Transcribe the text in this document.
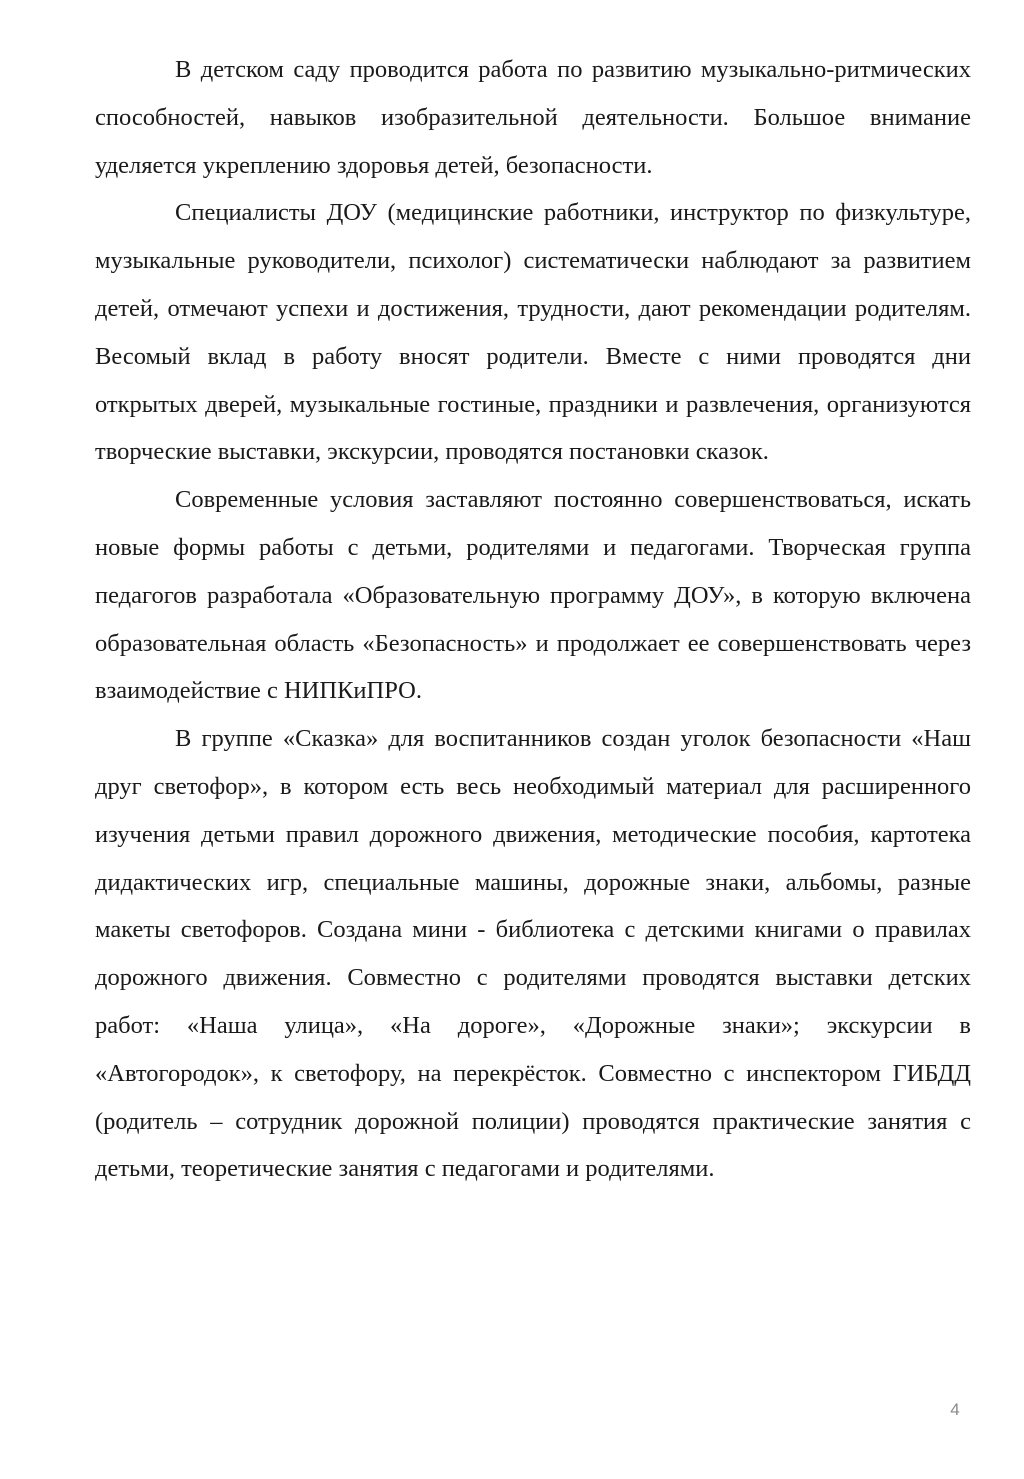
В детском саду проводится работа по развитию музыкально-ритмических способностей, навыков изобразительной деятельности. Большое внимание уделяется укреплению здоровья детей, безопасности.

Специалисты ДОУ (медицинские работники, инструктор по физкультуре, музыкальные руководители, психолог) систематически наблюдают за развитием детей, отмечают успехи и достижения, трудности, дают рекомендации родителям. Весомый вклад в работу вносят родители. Вместе с ними проводятся дни открытых дверей, музыкальные гостиные, праздники и развлечения, организуются творческие выставки, экскурсии, проводятся постановки сказок.

Современные условия заставляют постоянно совершенствоваться, искать новые формы работы с детьми, родителями и педагогами. Творческая группа педагогов разработала «Образовательную программу ДОУ», в которую включена образовательная область «Безопасность» и продолжает ее совершенствовать через взаимодействие с НИПКиПРО.

В группе «Сказка» для воспитанников создан уголок безопасности «Наш друг светофор», в котором есть весь необходимый материал для расширенного изучения детьми правил дорожного движения, методические пособия, картотека дидактических игр, специальные машины, дорожные знаки, альбомы, разные макеты светофоров. Создана мини - библиотека с детскими книгами о правилах дорожного движения. Совместно с родителями проводятся выставки детских работ: «Наша улица», «На дороге», «Дорожные знаки»; экскурсии в «Автогородок», к светофору, на перекрёсток. Совместно с инспектором ГИБДД (родитель – сотрудник дорожной полиции) проводятся практические занятия с детьми, теоретические занятия с педагогами и родителями.

4
